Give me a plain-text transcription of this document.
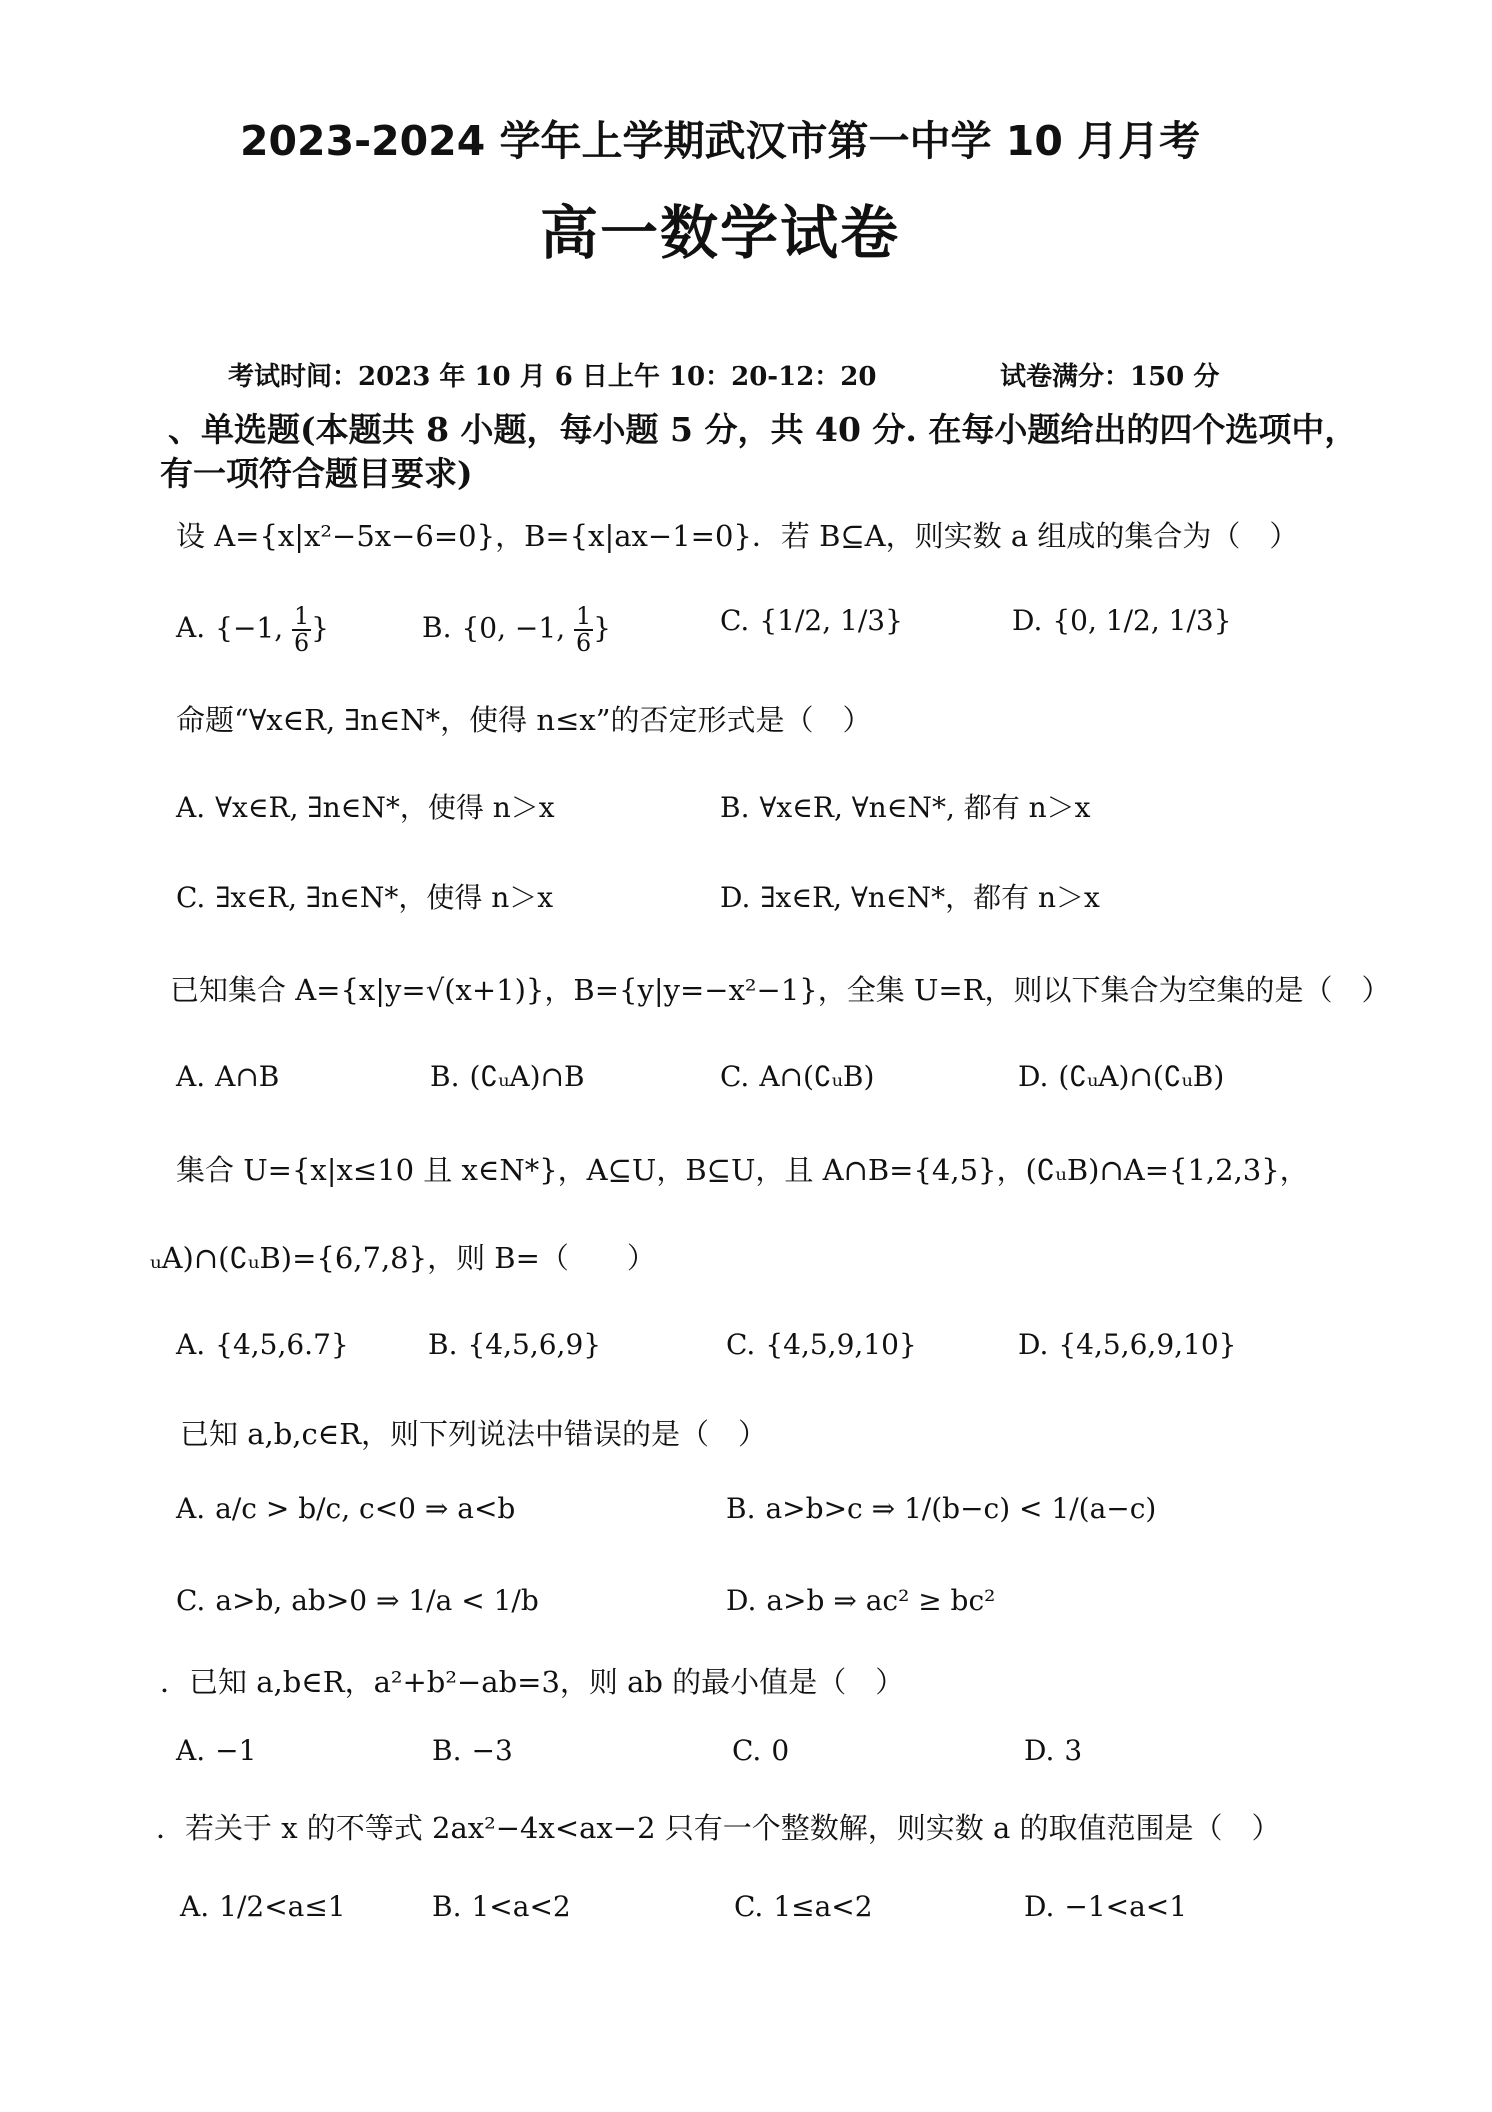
2023-2024 学年上学期武汉市第一中学 10 月月考
高一数学试卷
考试时间：2023 年 10 月 6 日上午 10：20-12：20	试卷满分：150 分
、单选题(本题共 8 小题，每小题 5 分，共 40 分. 在每小题给出的四个选项中，
有一项符合题目要求)
设 A={x|x²−5x−6=0}，B={x|ax−1=0}．若 B⊆A，则实数 a 组成的集合为（　）
A. {−1, $\frac{1}{6}$ }	B. {0, −1, $\frac{1}{6}$ }	C. {1/2, 1/3}	D. {0, 1/2, 1/3}
命题“∀x∈R, ∃n∈N*，使得 n≤x”的否定形式是（　）
A. ∀x∈R, ∃n∈N*，使得 n＞x	B. ∀x∈R, ∀n∈N*, 都有 n＞x
C. ∃x∈R, ∃n∈N*，使得 n＞x	D. ∃x∈R, ∀n∈N*，都有 n＞x
已知集合 A={x|y=√(x+1)}，B={y|y=−x²−1}，全集 U=R，则以下集合为空集的是（　）
A. A∩B	B. (∁ᵤA)∩B	C. A∩(∁ᵤB)	D. (∁ᵤA)∩(∁ᵤB)
集合 U={x|x≤10 且 x∈N*}，A⊆U，B⊆U，且 A∩B={4,5}，(∁ᵤB)∩A={1,2,3}，
ᵤA)∩(∁ᵤB)={6,7,8}，则 B=（　　）
A. {4,5,6.7}	B. {4,5,6,9}	C. {4,5,9,10}	D. {4,5,6,9,10}
已知 a,b,c∈R，则下列说法中错误的是（　）
A. a/c > b/c, c<0 ⇒ a<b	B. a>b>c ⇒ 1/(b−c) < 1/(a−c)
C. a>b, ab>0 ⇒ 1/a < 1/b	D. a>b ⇒ ac² ≥ bc²
．已知 a,b∈R，a²+b²−ab=3，则 ab 的最小值是（　）
A. −1	B. −3	C. 0	D. 3
．若关于 x 的不等式 2ax²−4x<ax−2 只有一个整数解，则实数 a 的取值范围是（　）
A. 1/2<a≤1	B. 1<a<2	C. 1≤a<2	D. −1<a<1
